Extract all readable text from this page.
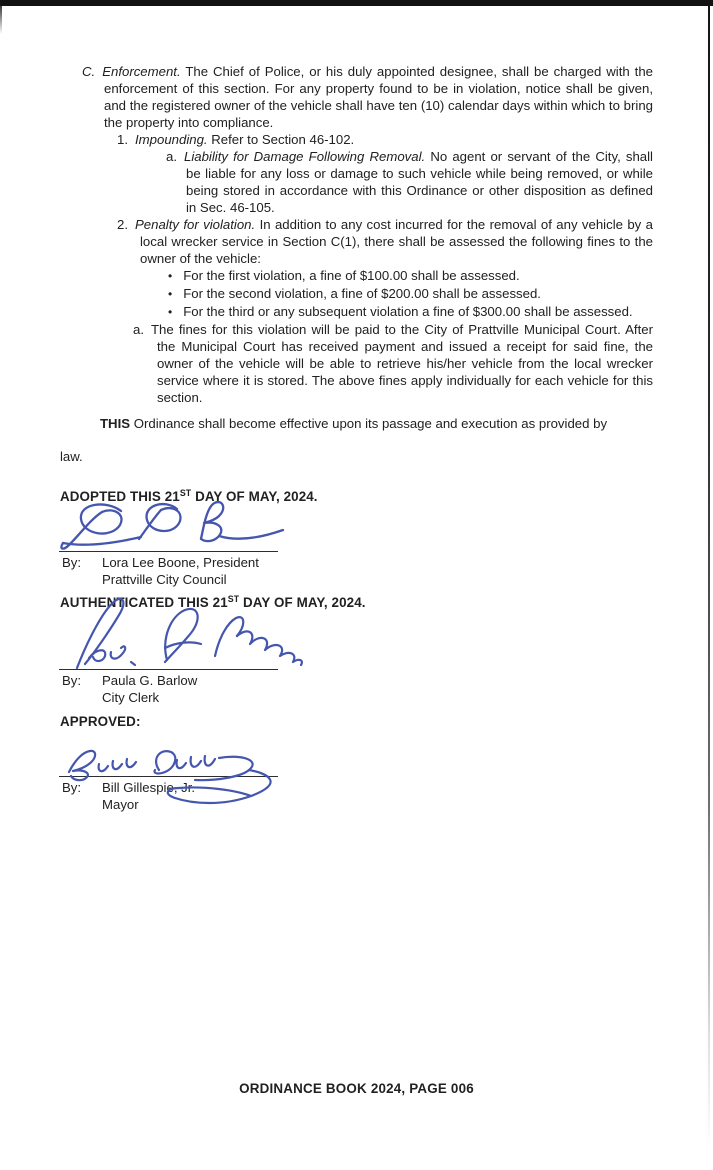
C. Enforcement. The Chief of Police, or his duly appointed designee, shall be charged with the enforcement of this section. For any property found to be in violation, notice shall be given, and the registered owner of the vehicle shall have ten (10) calendar days within which to bring the property into compliance.
1. Impounding. Refer to Section 46-102.
a. Liability for Damage Following Removal. No agent or servant of the City, shall be liable for any loss or damage to such vehicle while being removed, or while being stored in accordance with this Ordinance or other disposition as defined in Sec. 46-105.
2. Penalty for violation. In addition to any cost incurred for the removal of any vehicle by a local wrecker service in Section C(1), there shall be assessed the following fines to the owner of the vehicle:
• For the first violation, a fine of $100.00 shall be assessed.
• For the second violation, a fine of $200.00 shall be assessed.
• For the third or any subsequent violation a fine of $300.00 shall be assessed.
a. The fines for this violation will be paid to the City of Prattville Municipal Court. After the Municipal Court has received payment and issued a receipt for said fine, the owner of the vehicle will be able to retrieve his/her vehicle from the local wrecker service where it is stored. The above fines apply individually for each vehicle for this section.
THIS Ordinance shall become effective upon its passage and execution as provided by
law.
ADOPTED THIS 21ST DAY OF MAY, 2024.
By: Lora Lee Boone, President
Prattville City Council
AUTHENTICATED THIS 21ST DAY OF MAY, 2024.
By: Paula G. Barlow
City Clerk
APPROVED:
By: Bill Gillespie, Jr.
Mayor
ORDINANCE BOOK 2024, PAGE 006
